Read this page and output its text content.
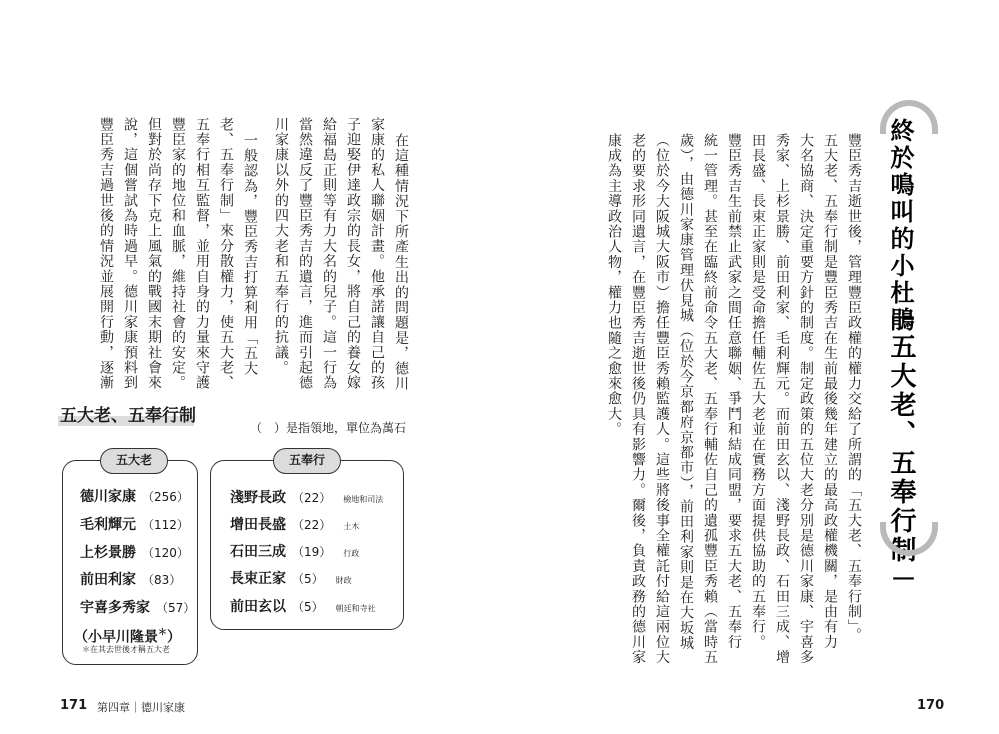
終於鳴叫的小杜鵑
－五大老、五奉行制－
豐臣秀吉逝世後，管理豐臣政權的權力交給了所謂的「五大老、五奉行制」。
五大老、五奉行制是豐臣秀吉在生前最後幾年建立的最高政權機關，是由有力
大名協商、決定重要方針的制度。制定政策的五位大老分別是德川家康、宇喜多
秀家、上杉景勝、前田利家、毛利輝元。而前田玄以、淺野長政、石田三成、增
田長盛、長束正家則是受命擔任輔佐五大老並在實務方面提供協助的五奉行。
豐臣秀吉生前禁止武家之間任意聯姻、爭鬥和結成同盟，要求五大老、五奉行
統一管理。甚至在臨終前命令五大老、五奉行輔佐自己的遺孤豐臣秀賴（當時五
歲），由德川家康管理伏見城（位於今京都府京都市），前田利家則是在大坂城
（位於今大阪城大阪市）擔任豐臣秀賴監護人。這些將後事全權託付給這兩位大
老的要求形同遺言，在豐臣秀吉逝世後仍具有影響力。爾後，負責政務的德川家
康成為主導政治人物，權力也隨之愈來愈大。
170
在這種情況下所產生出的問題是，德川
家康的私人聯姻計畫。他承諾讓自己的孩
子迎娶伊達政宗的長女，將自己的養女嫁
給福島正則等有力大名的兒子。這一行為
當然違反了豐臣秀吉的遺言，進而引起德
川家康以外的四大老和五奉行的抗議。
一般認為，豐臣秀吉打算利用「五大
老、五奉行制」來分散權力，使五大老、
五奉行相互監督，並用自身的力量來守護
豐臣家的地位和血脈，維持社會的安定。
但對於尚存下克上風氣的戰國末期社會來
說，這個嘗試為時過早。德川家康預料到
豐臣秀吉過世後的情況並展開行動，逐漸
五大老、五奉行制
（　）是指領地，單位為萬石
五大老
德川家康 （256）
毛利輝元 （112）
上杉景勝 （120）
前田利家 （83）
宇喜多秀家 （57）
（小早川隆景＊）
＊在其去世後才稱五大老
五奉行
淺野長政 （22） 檢地和司法
增田長盛 （22） 土木
石田三成 （19） 行政
長束正家 （5） 財政
前田玄以 （5） 朝廷和寺社
171 第四章｜德川家康
